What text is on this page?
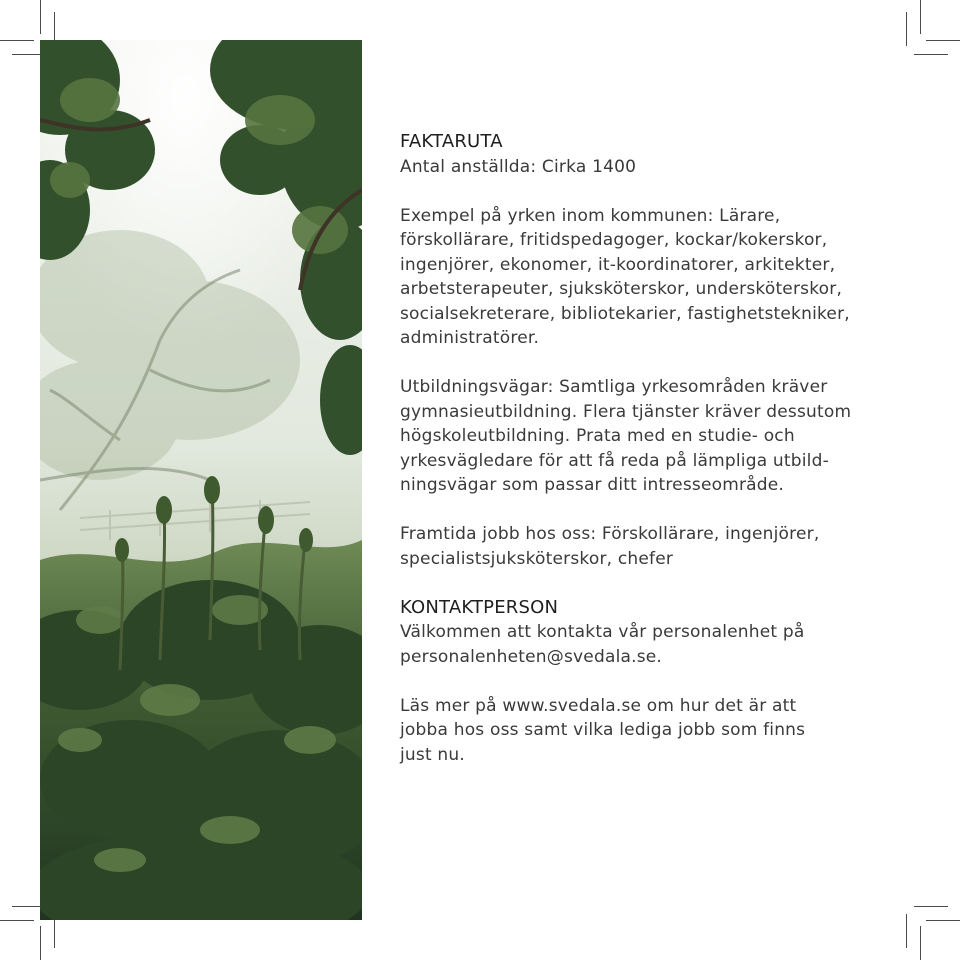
FAKTARUTA

Antal anställda: Cirka 1400

Exempel på yrken inom kommunen: Lärare,
förskollärare, fritidspedagoger, kockar/kokerskor,
ingenjörer, ekonomer, it-koordinatorer, arkitekter,
arbetsterapeuter, sjuksköterskor, undersköterskor,
socialsekreterare, bibliotekarier, fastighetstekniker,
administratörer.

Utbildningsvägar: Samtliga yrkesområden kräver
gymnasieutbildning. Flera tjänster kräver dessutom
högskoleutbildning. Prata med en studie- och
yrkesvägledare för att få reda på lämpliga utbild-
ningsvägar som passar ditt intresseområde.

Framtida jobb hos oss: Förskollärare, ingenjörer,
specialistsjuksköterskor, chefer

KONTAKTPERSON

Välkommen att kontakta vår personalenhet på
personalenheten@svedala.se.

Läs mer på www.svedala.se om hur det är att
jobba hos oss samt vilka lediga jobb som finns
just nu.
